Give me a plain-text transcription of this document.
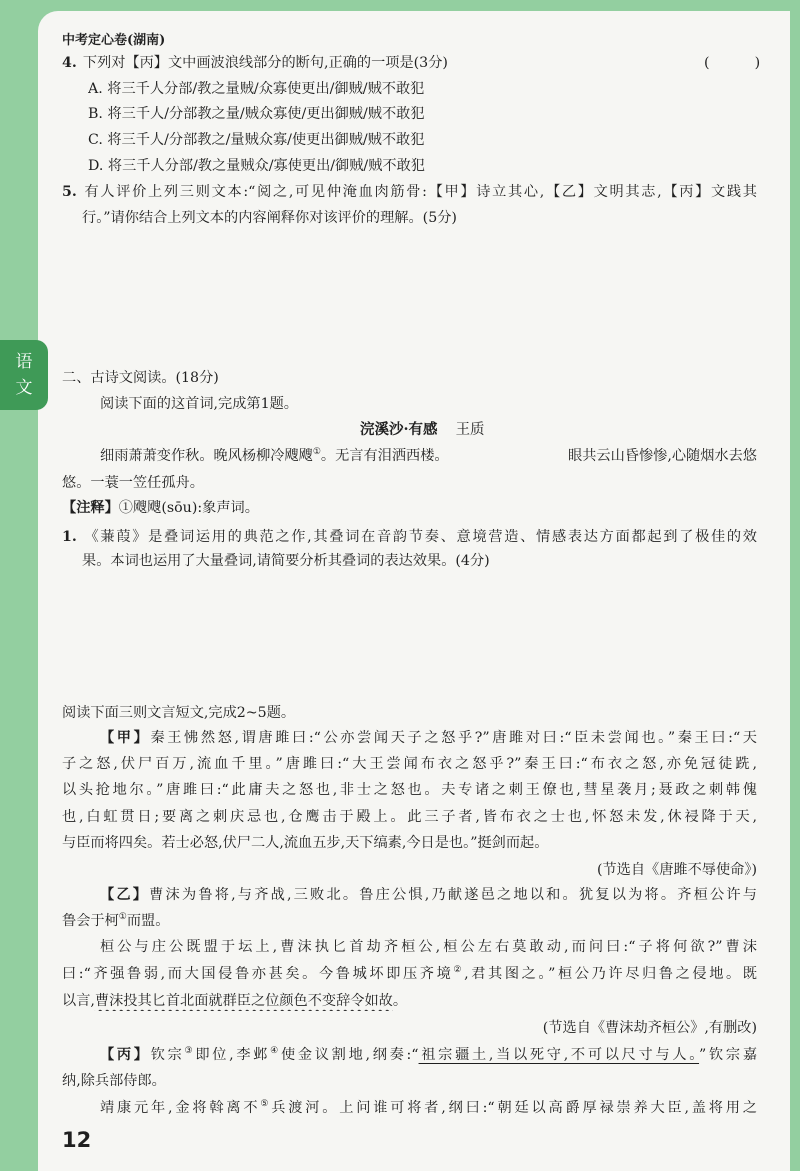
语
文
中考定心卷(湖南)
4. 下列对【丙】文中画波浪线部分的断句,正确的一项是(3分)	(          )
A. 将三千人分部/教之量贼/众寡使更出/御贼/贼不敢犯
B. 将三千人/分部教之量/贼众寡使/更出御贼/贼不敢犯
C. 将三千人/分部教之/量贼众寡/使更出御贼/贼不敢犯
D. 将三千人分部/教之量贼众/寡使更出/御贼/贼不敢犯
5. 有人评价上列三则文本:“阅之,可见仲淹血肉筋骨:【甲】诗立其心,【乙】文明其志,【丙】文践其
行。”请你结合上列文本的内容阐释你对该评价的理解。(5分)
二、古诗文阅读。(18分)
阅读下面的这首词,完成第1题。
浣溪沙·有感 王质
细雨萧萧变作秋。晚风杨柳冷飕飕①。无言有泪洒西楼。	眼共云山昏惨惨,心随烟水去悠
悠。一蓑一笠任孤舟。
【注释】①飕飕(sōu):象声词。
1. 《蒹葭》是叠词运用的典范之作,其叠词在音韵节奏、意境营造、情感表达方面都起到了极佳的效
果。本词也运用了大量叠词,请简要分析其叠词的表达效果。(4分)
阅读下面三则文言短文,完成2~5题。
【甲】秦王怫然怒,谓唐雎曰:“公亦尝闻天子之怒乎?”唐雎对曰:“臣未尝闻也。”秦王曰:“天
子之怒,伏尸百万,流血千里。”唐雎曰:“大王尝闻布衣之怒乎?”秦王曰:“布衣之怒,亦免冠徒跣,
以头抢地尔。”唐雎曰:“此庸夫之怒也,非士之怒也。夫专诸之刺王僚也,彗星袭月;聂政之刺韩傀
也,白虹贯日;要离之刺庆忌也,仓鹰击于殿上。此三子者,皆布衣之士也,怀怒未发,休祲降于天,
与臣而将四矣。若士必怒,伏尸二人,流血五步,天下缟素,今日是也。”挺剑而起。
(节选自《唐雎不辱使命》)
【乙】曹沫为鲁将,与齐战,三败北。鲁庄公惧,乃献遂邑之地以和。犹复以为将。齐桓公许与
鲁会于柯①而盟。
桓公与庄公既盟于坛上,曹沫执匕首劫齐桓公,桓公左右莫敢动,而问曰:“子将何欲?”曹沫
曰:“齐强鲁弱,而大国侵鲁亦甚矣。今鲁城坏即压齐境②,君其图之。”桓公乃许尽归鲁之侵地。既
以言,曹沫投其匕首北面就群臣之位颜色不变辞令如故。
(节选自《曹沫劫齐桓公》,有删改)
【丙】钦宗③即位,李邺④使金议割地,纲奏:“祖宗疆土,当以死守,不可以尺寸与人。”钦宗嘉
纳,除兵部侍郎。
靖康元年,金将斡离不⑤兵渡河。上问谁可将者,纲曰:“朝廷以高爵厚禄崇养大臣,盖将用之
12
